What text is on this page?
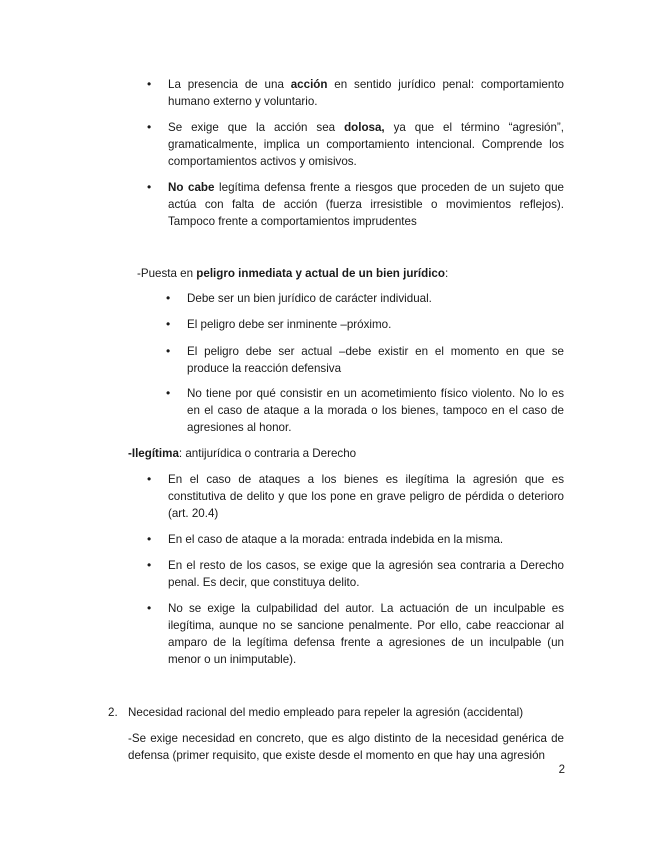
• La presencia de una acción en sentido jurídico penal: comportamiento humano externo y voluntario.
• Se exige que la acción sea dolosa, ya que el término “agresión”, gramaticalmente, implica un comportamiento intencional. Comprende los comportamientos activos y omisivos.
• No cabe legítima defensa frente a riesgos que proceden de un sujeto que actúa con falta de acción (fuerza irresistible o movimientos reflejos). Tampoco frente a comportamientos imprudentes
-Puesta en peligro inmediata y actual de un bien jurídico:
• Debe ser un bien jurídico de carácter individual.
• El peligro debe ser inminente –próximo.
• El peligro debe ser actual –debe existir en el momento en que se produce la reacción defensiva
• No tiene por qué consistir en un acometimiento físico violento. No lo es en el caso de ataque a la morada o los bienes, tampoco en el caso de agresiones al honor.
-Ilegítima: antijurídica o contraria a Derecho
• En el caso de ataques a los bienes es ilegítima la agresión que es constitutiva de delito y que los pone en grave peligro de pérdida o deterioro (art. 20.4)
• En el caso de ataque a la morada: entrada indebida en la misma.
• En el resto de los casos, se exige que la agresión sea contraria a Derecho penal. Es decir, que constituya delito.
• No se exige la culpabilidad del autor. La actuación de un inculpable es ilegítima, aunque no se sancione penalmente. Por ello, cabe reaccionar al amparo de la legítima defensa frente a agresiones de un inculpable (un menor o un inimputable).
2. Necesidad racional del medio empleado para repeler la agresión (accidental)
-Se exige necesidad en concreto, que es algo distinto de la necesidad genérica de defensa (primer requisito, que existe desde el momento en que hay una agresión
2
